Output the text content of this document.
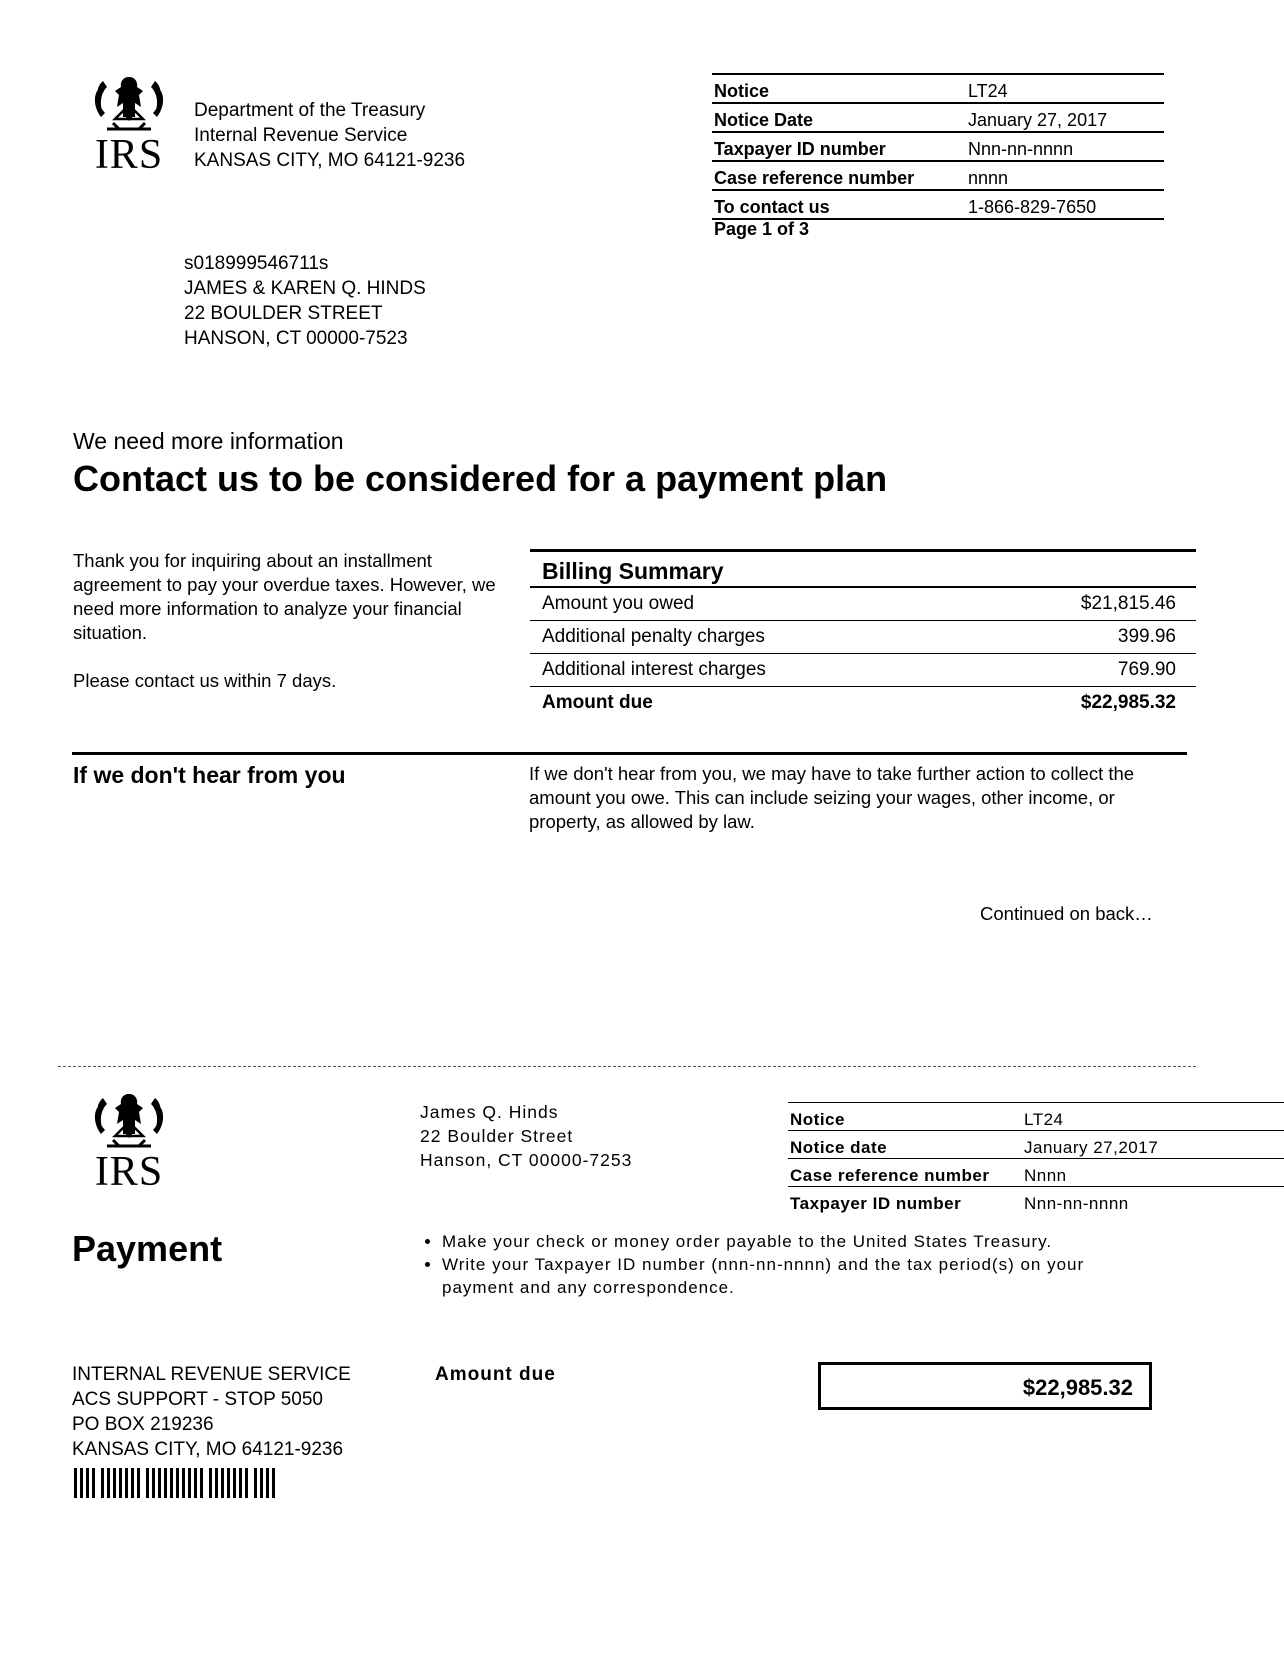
IRS
Department of the Treasury
Internal Revenue Service
KANSAS CITY, MO 64121-9236
Notice	LT24
Notice Date	January 27, 2017
Taxpayer ID number	Nnn-nn-nnnn
Case reference number	nnnn
To contact us	1-866-829-7650
Page 1 of 3
s018999546711s
JAMES & KAREN Q. HINDS
22 BOULDER STREET
HANSON, CT 00000-7523
We need more information
Contact us to be considered for a payment plan
Thank you for inquiring about an installment agreement to pay your overdue taxes. However, we need more information to analyze your financial situation.
Please contact us within 7 days.
Billing Summary
Amount you owed	$21,815.46
Additional penalty charges	399.96
Additional interest charges	769.90
Amount due	$22,985.32
If we don't hear from you	If we don't hear from you, we may have to take further action to collect the amount you owe. This can include seizing your wages, other income, or property, as allowed by law.
Continued on back…
IRS
James Q. Hinds
22 Boulder Street
Hanson, CT 00000-7253
Notice	LT24
Notice date	January 27,2017
Case reference number	Nnnn
Taxpayer ID number	Nnn-nn-nnnn
Payment	• Make your check or money order payable to the United States Treasury.
• Write your Taxpayer ID number (nnn-nn-nnnn) and the tax period(s) on your payment and any correspondence.
INTERNAL REVENUE SERVICE
ACS SUPPORT - STOP 5050
PO BOX 219236
KANSAS CITY, MO 64121-9236
Amount due
$22,985.32
